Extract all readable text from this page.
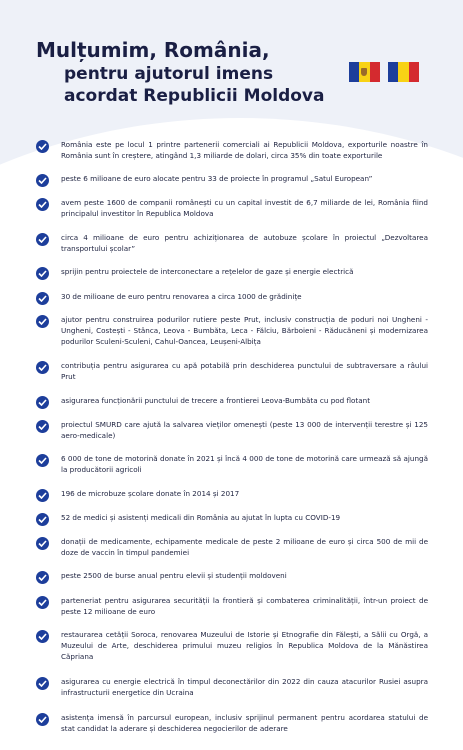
Mulțumim, România,
pentru ajutorul imens
acordat Republicii Moldova

România este pe locul 1 printre partenerii comerciali ai Republicii Moldova, exporturile noastre în România sunt în creștere, atingând 1,3 miliarde de dolari, circa 35% din toate exporturile

peste 6 milioane de euro alocate pentru 33 de proiecte în programul „Satul European”

avem peste 1600 de companii românești cu un capital investit de 6,7 miliarde de lei, România fiind principalul investitor în Republica Moldova

circa 4 milioane de euro pentru achiziționarea de autobuze școlare în proiectul „Dezvoltarea transportului școlar”

sprijin pentru proiectele de interconectare a rețelelor de gaze și energie electrică

30 de milioane de euro pentru renovarea a circa 1000 de grădinițe

ajutor pentru construirea podurilor rutiere peste Prut, inclusiv construcția de poduri noi Ungheni - Ungheni, Costești - Stânca, Leova - Bumbăta, Leca - Fălciu, Bărboieni - Răducăneni și modernizarea podurilor Sculeni-Sculeni, Cahul-Oancea, Leușeni-Albița

contribuția pentru asigurarea cu apă potabilă prin deschiderea punctului de subtraversare a râului Prut

asigurarea funcționării punctului de trecere a frontierei Leova-Bumbăta cu pod flotant

proiectul SMURD care ajută la salvarea vieților omenești (peste 13 000 de intervenții terestre și 125 aero-medicale)

6 000 de tone de motorină donate în 2021 și încă 4 000 de tone de motorină care urmează să ajungă la producătorii agricoli

196 de microbuze școlare donate în 2014 și 2017

52 de medici și asistenți medicali din România au ajutat în lupta cu COVID-19

donații de medicamente, echipamente medicale de peste 2 milioane de euro și circa 500 de mii de doze de vaccin în timpul pandemiei

peste 2500 de burse anual pentru elevii și studenții moldoveni

parteneriat pentru asigurarea securității la frontieră și combaterea criminalității, într-un proiect de peste 12 milioane de euro

restaurarea cetății Soroca, renovarea Muzeului de Istorie și Etnografie din Fălești, a Sălii cu Orgă, a Muzeului de Arte, deschiderea primului muzeu religios în Republica Moldova de la Mănăstirea Căpriana

asigurarea cu energie electrică în timpul deconectărilor din 2022 din cauza atacurilor Rusiei asupra infrastructurii energetice din Ucraina

asistența imensă în parcursul european, inclusiv sprijinul permanent pentru acordarea statului de stat candidat la aderare și deschiderea negocierilor de aderare
